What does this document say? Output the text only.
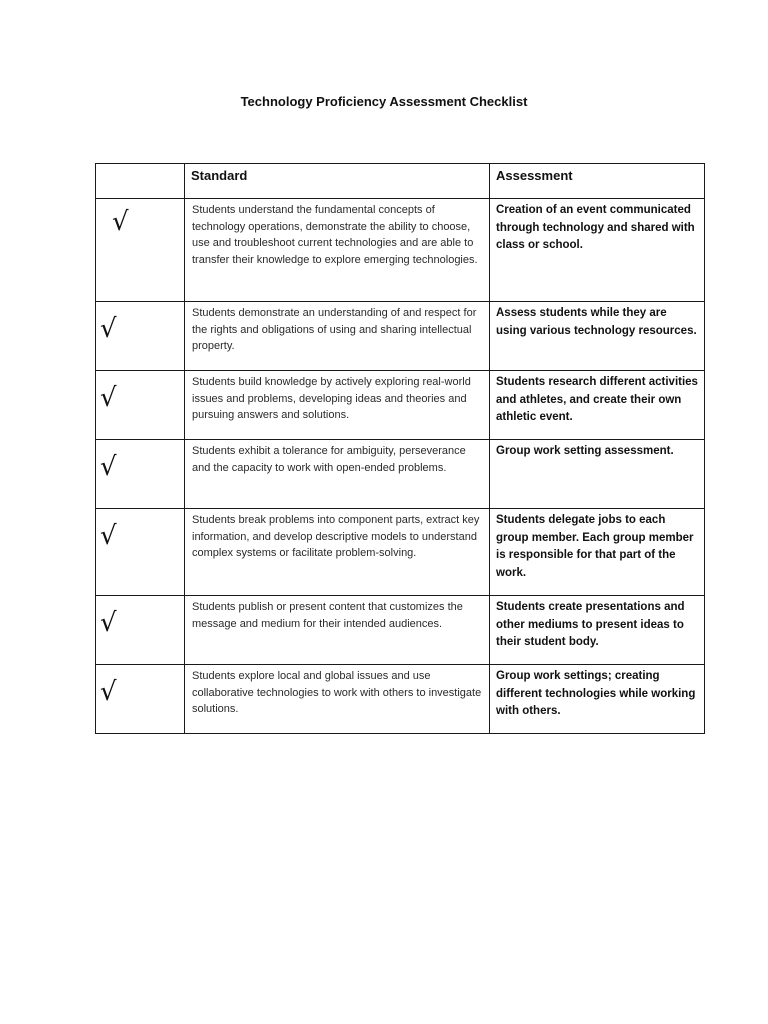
Technology Proficiency Assessment Checklist
	Standard	Assessment
√	Students understand the fundamental concepts of technology operations, demonstrate the ability to choose, use and troubleshoot current technologies and are able to transfer their knowledge to explore emerging technologies.	Creation of an event communicated through technology and shared with class or school.
√	Students demonstrate an understanding of and respect for the rights and obligations of using and sharing intellectual property.	Assess students while they are using various technology resources.
√	Students build knowledge by actively exploring real-world issues and problems, developing ideas and theories and pursuing answers and solutions.	Students research different activities and athletes, and create their own athletic event.
√	Students exhibit a tolerance for ambiguity, perseverance and the capacity to work with open-ended problems.	Group work setting assessment.
√	Students break problems into component parts, extract key information, and develop descriptive models to understand complex systems or facilitate problem-solving.	Students delegate jobs to each group member. Each group member is responsible for that part of the work.
√	Students publish or present content that customizes the message and medium for their intended audiences.	Students create presentations and other mediums to present ideas to their student body.
√	Students explore local and global issues and use collaborative technologies to work with others to investigate solutions.	Group work settings; creating different technologies while working with others.
